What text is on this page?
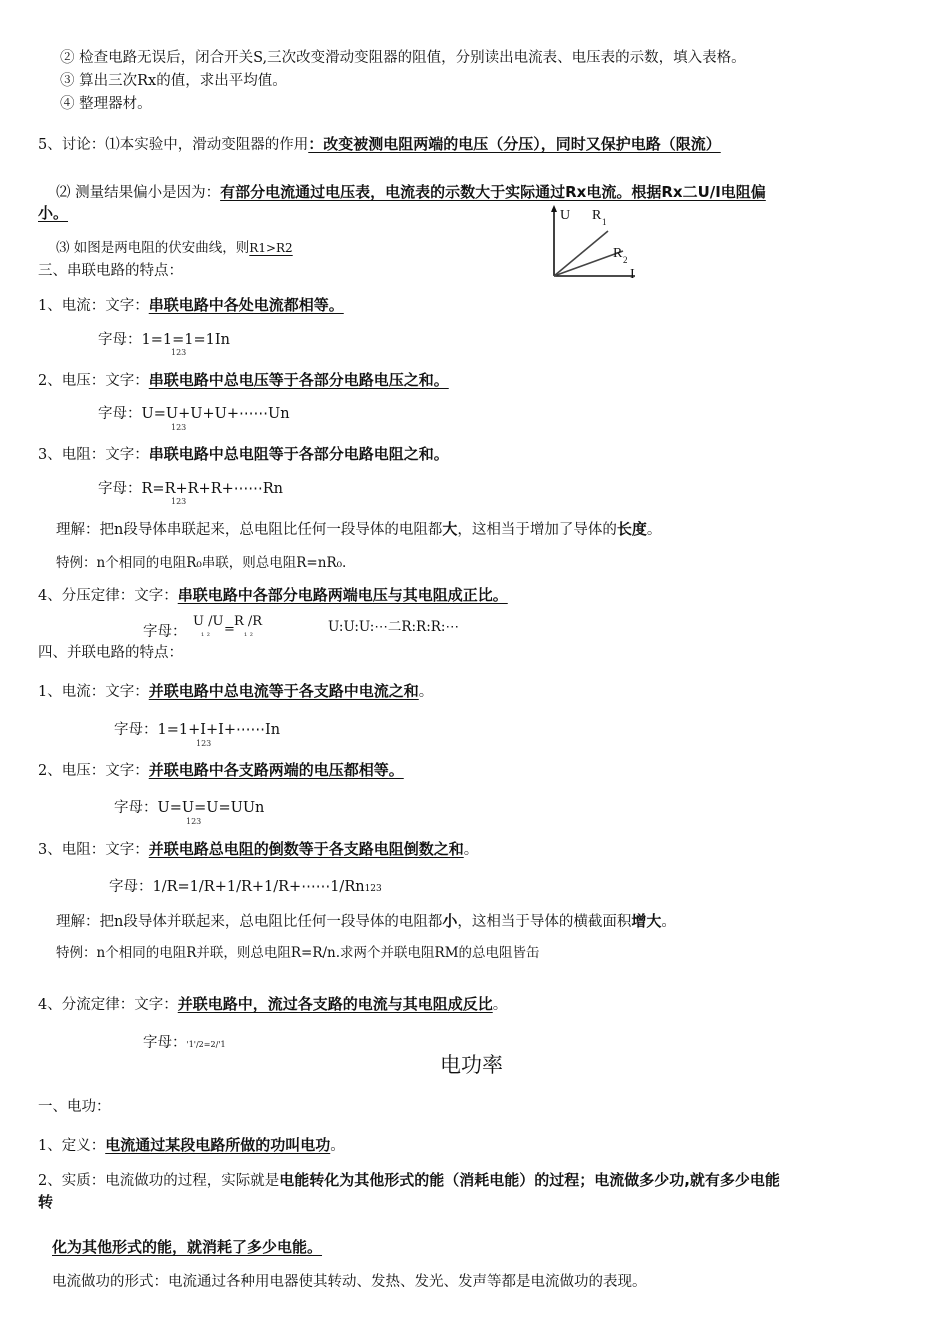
② 检查电路无误后，闭合开关S,三次改变滑动变阻器的阻值，分别读出电流表、电压表的示数，填入表格。
③ 算出三次Rx的值，求出平均值。
④ 整理器材。
5、讨论：⑴本实验中，滑动变阻器的作用：改变被测电阻两端的电压（分压），同时又保护电路（限流）
⑵ 测量结果偏小是因为：有部分电流通过电压表，电流表的示数大于实际通过Rx电流。根据Rx二U/I电阻偏
小。
⑶ 如图是两电阻的伏安曲线，则R1>R2
U R 1
R 2
I
三、串联电路的特点：
1、电流：文字：串联电路中各处电流都相等。
字母：1=1=1=1In
123
2、电压：文字：串联电路中总电压等于各部分电路电压之和。
字母：U=U+U+U+⋯⋯Un
123
3、电阻：文字：串联电路中总电阻等于各部分电路电阻之和。
字母：R=R+R+R+⋯⋯Rn
123
理解：把n段导体串联起来，总电阻比任何一段导体的电阻都大，这相当于增加了导体的长度。
特例：n个相同的电阻R₀串联，则总电阻R=nR₀.
4、分压定律：文字：串联电路中各部分电路两端电压与其电阻成正比。
字母：
U /U
₁ ₂ =
R /R
₁ ₂	U:U:U:⋯二R:R:R:⋯
四、并联电路的特点：
1、电流：文字：并联电路中总电流等于各支路中电流之和。
字母：1=1+I+I+⋯⋯In
123
2、电压：文字：并联电路中各支路两端的电压都相等。
字母：U=U=U=UUn
123
3、电阻：文字：并联电路总电阻的倒数等于各支路电阻倒数之和。
字母：1/R=1/R+1/R+1/R+⋯⋯1/Rn123
理解：把n段导体并联起来，总电阻比任何一段导体的电阻都小，这相当于导体的横截面积增大。
特例：n个相同的电阻R并联，则总电阻R=R/n.求两个并联电阻RM的总电阻皆缶
4、分流定律：文字：并联电路中，流过各支路的电流与其电阻成反比。
字母：'1'/2=2/'1
电功率
一、电功：
1、定义：电流通过某段电路所做的功叫电功。
2、实质：电流做功的过程，实际就是电能转化为其他形式的能（消耗电能）的过程；电流做多少功,就有多少电能
化为其他形式的能，就消耗了多少电能。
电流做功的形式：电流通过各种用电器使其转动、发热、发光、发声等都是电流做功的表现。
转
